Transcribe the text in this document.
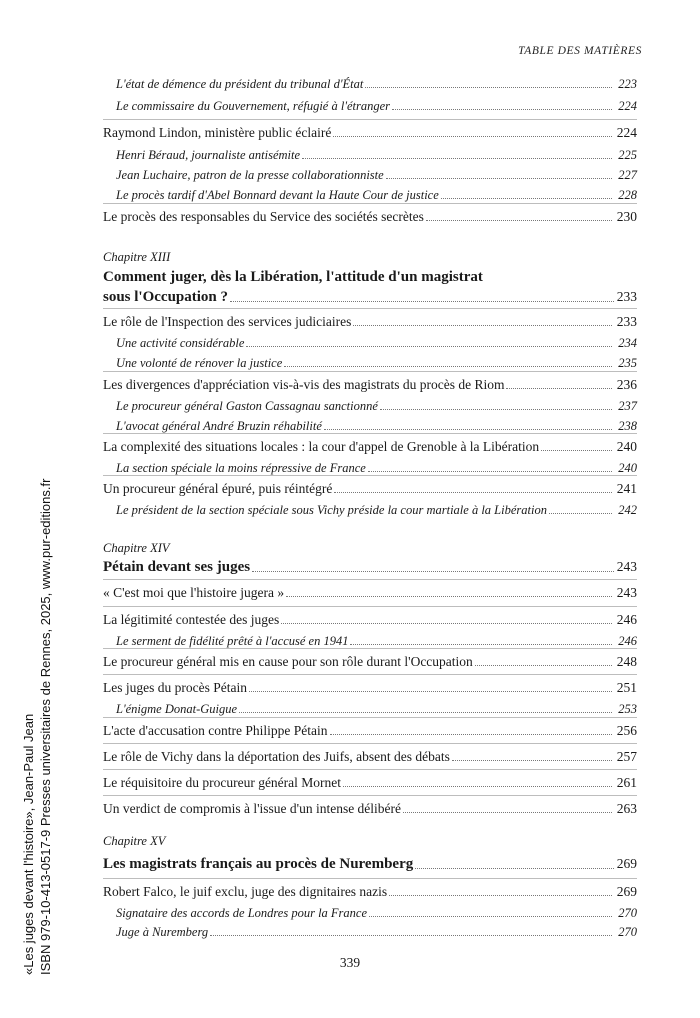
TABLE DES MATIÈRES
L'état de démence du président du tribunal d'État	223
Le commissaire du Gouvernement, réfugié à l'étranger	224
Raymond Lindon, ministère public éclairé	224
Henri Béraud, journaliste antisémite	225
Jean Luchaire, patron de la presse collaborationniste	227
Le procès tardif d'Abel Bonnard devant la Haute Cour de justice	228
Le procès des responsables du Service des sociétés secrètes	230
Chapitre XIII
Comment juger, dès la Libération, l'attitude d'un magistrat
sous l'Occupation ?	233
Le rôle de l'Inspection des services judiciaires	233
Une activité considérable	234
Une volonté de rénover la justice	235
Les divergences d'appréciation vis-à-vis des magistrats du procès de Riom	236
Le procureur général Gaston Cassagnau sanctionné	237
L'avocat général André Bruzin réhabilité	238
La complexité des situations locales : la cour d'appel de Grenoble à la Libération	240
La section spéciale la moins répressive de France	240
Un procureur général épuré, puis réintégré	241
Le président de la section spéciale sous Vichy préside la cour martiale à la Libération	242
Chapitre XIV
Pétain devant ses juges	243
« C'est moi que l'histoire jugera »	243
La légitimité contestée des juges	246
Le serment de fidélité prêté à l'accusé en 1941	246
Le procureur général mis en cause pour son rôle durant l'Occupation	248
Les juges du procès Pétain	251
L'énigme Donat-Guigue	253
L'acte d'accusation contre Philippe Pétain	256
Le rôle de Vichy dans la déportation des Juifs, absent des débats	257
Le réquisitoire du procureur général Mornet	261
Un verdict de compromis à l'issue d'un intense délibéré	263
Chapitre XV
Les magistrats français au procès de Nuremberg	269
Robert Falco, le juif exclu, juge des dignitaires nazis	269
Signataire des accords de Londres pour la France	270
Juge à Nuremberg	270
339
«Les juges devant l'histoire», Jean-Paul Jean ISBN 979-10-413-0517-9 Presses universitaires de Rennes, 2025, www.pur-editions.fr
